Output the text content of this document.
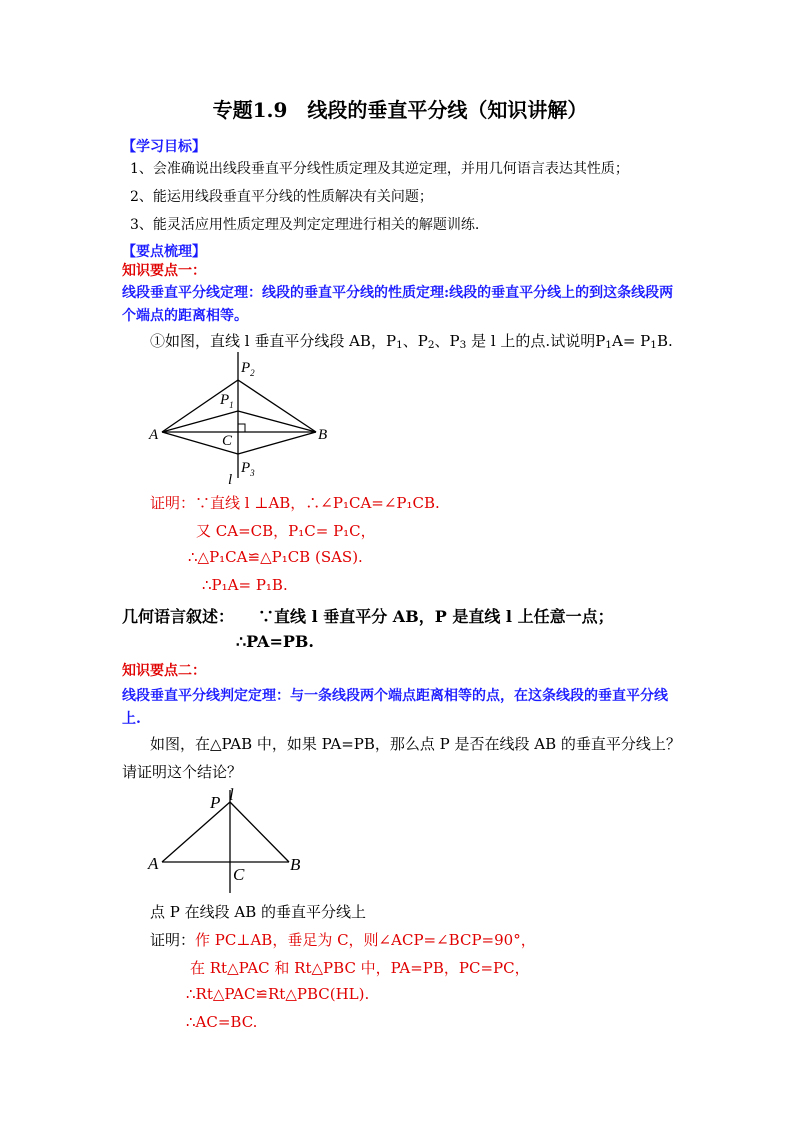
专题1.9　线段的垂直平分线（知识讲解）
【学习目标】
1、会准确说出线段垂直平分线性质定理及其逆定理，并用几何语言表达其性质；
2、能运用线段垂直平分线的性质解决有关问题；
3、能灵活应用性质定理及判定定理进行相关的解题训练.
【要点梳理】
知识要点一：
线段垂直平分线定理：线段的垂直平分线的性质定理:线段的垂直平分线上的到这条线段两
个端点的距离相等。
①如图，直线 l 垂直平分线段 AB，$P_1$、$P_2$、$P_3$ 是 l 上的点.试说明$P_1A= P_1B$.
$P_2$
$P_1$
A	B
C
l
$P_3$
证明：∵直线 l ⊥AB，∴∠P₁CA=∠P₁CB.
又 CA=CB，P₁C= P₁C，
∴△P₁CA≌△P₁CB (SAS).
∴P₁A= P₁B.
几何语言叙述： ∵直线 l 垂直平分 AB，P 是直线 l 上任意一点；
∴PA=PB.
知识要点二：
线段垂直平分线判定定理：与一条线段两个端点距离相等的点，在这条线段的垂直平分线
上.
如图，在△PAB 中，如果 PA=PB，那么点 P 是否在线段 AB 的垂直平分线上？
请证明这个结论？
P l
A	B
C
点 P 在线段 AB 的垂直平分线上
证明：作 PC⊥AB，垂足为 C，则∠ACP=∠BCP=90°，
在 Rt△PAC 和 Rt△PBC 中，PA=PB，PC=PC，
∴Rt△PAC≌Rt△PBC(HL).
∴AC=BC.
